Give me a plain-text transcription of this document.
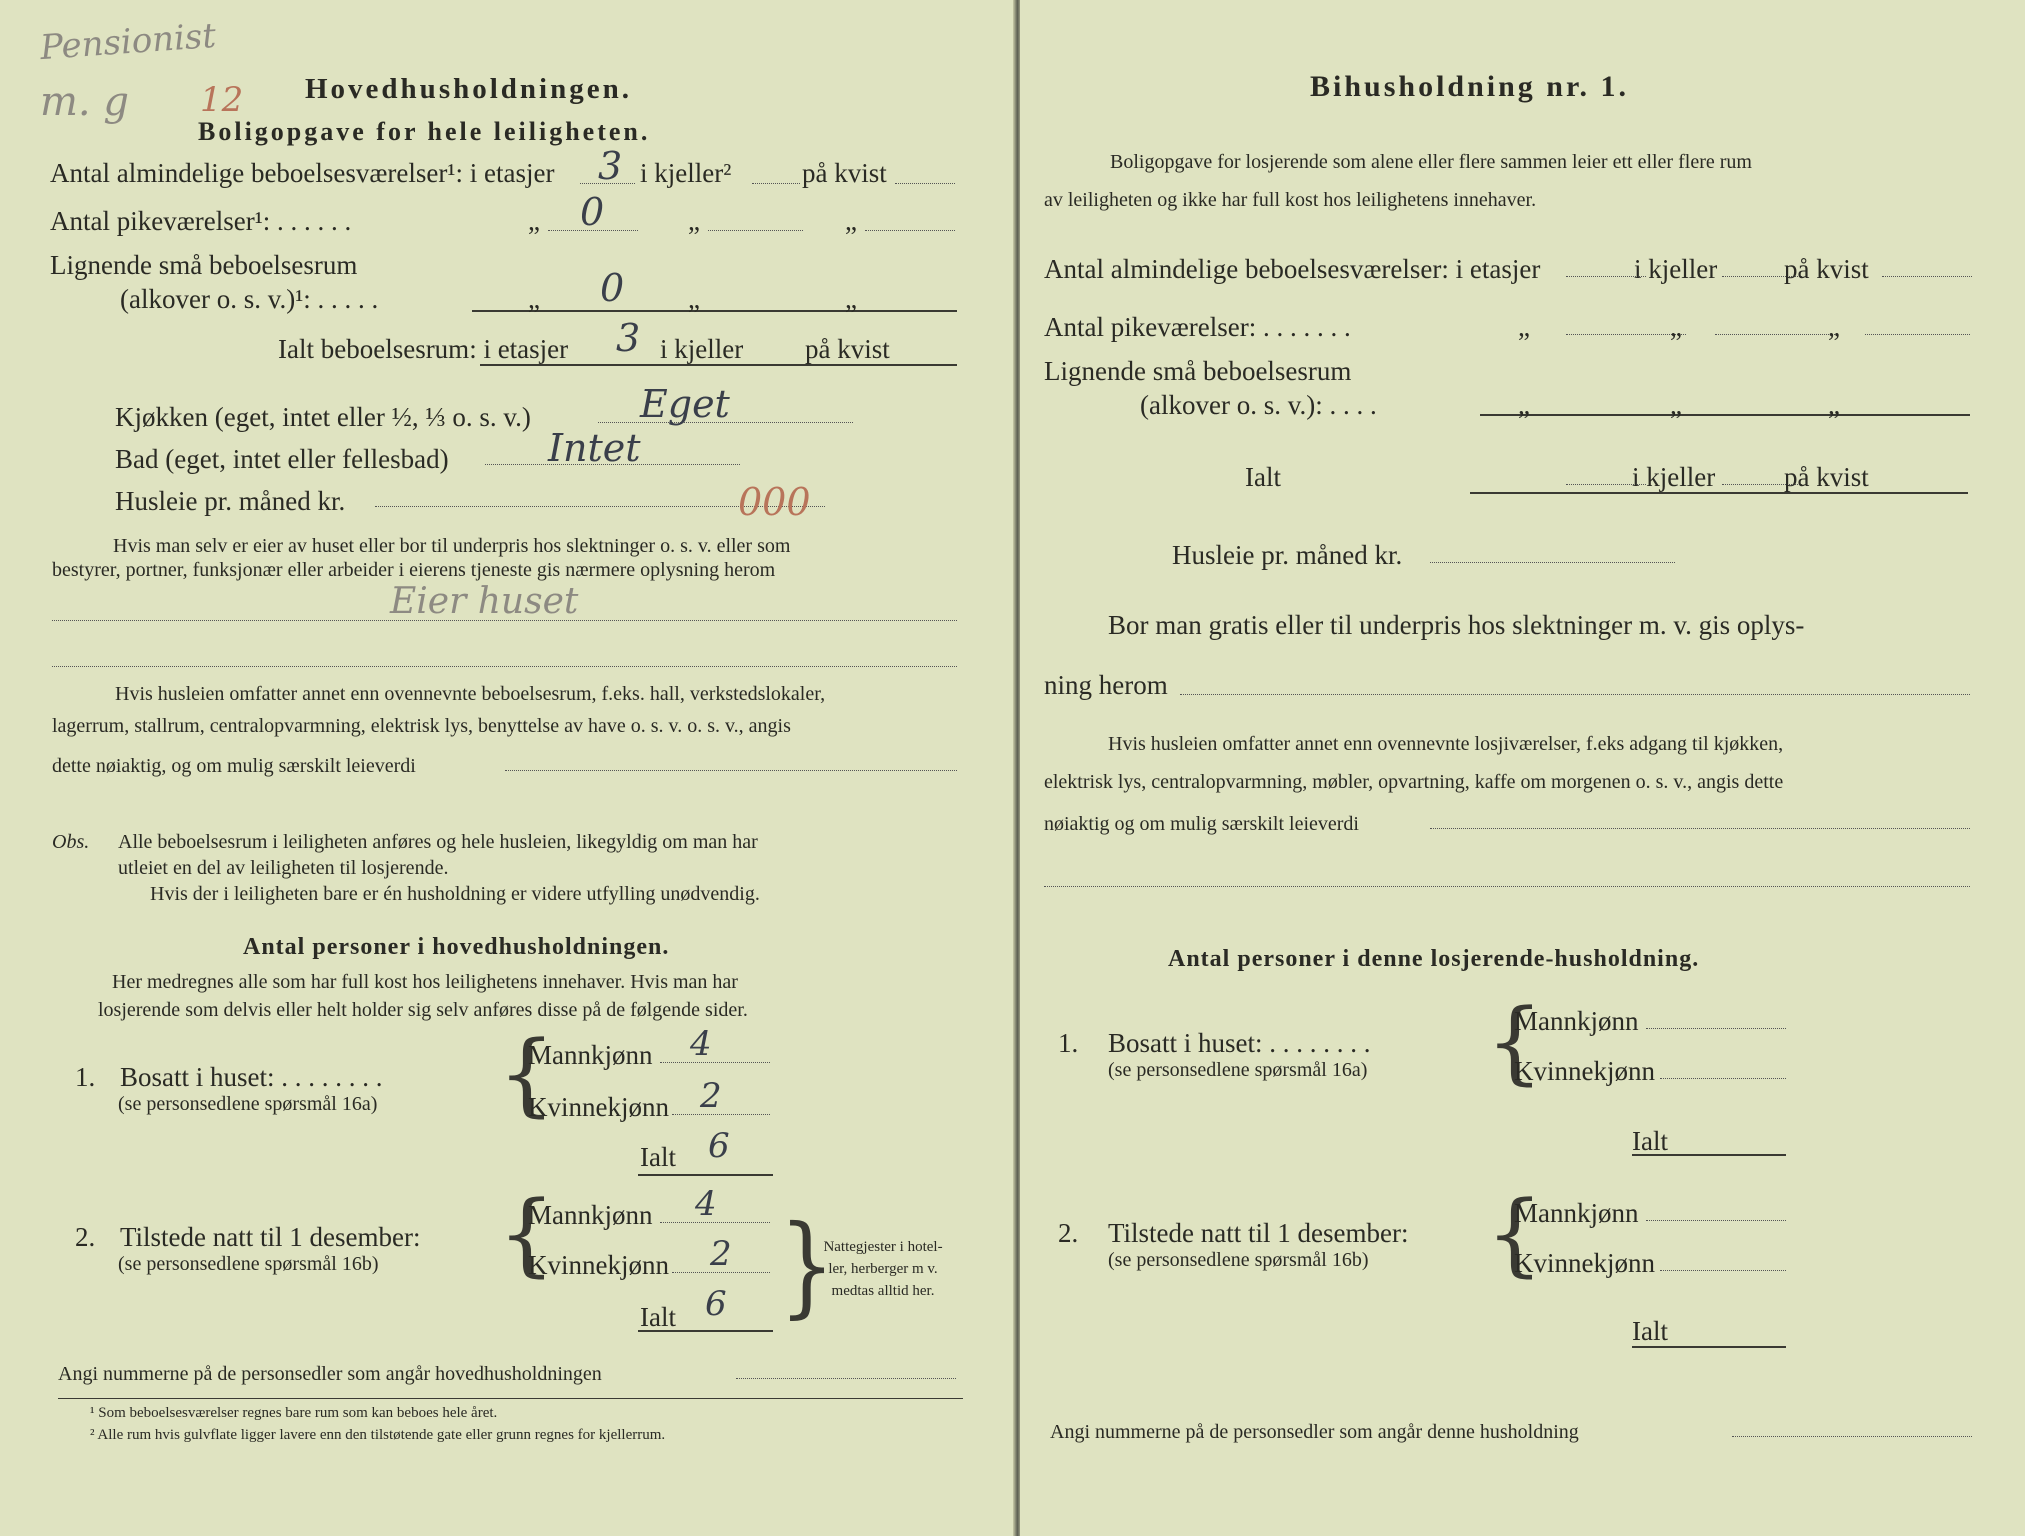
Pensionist
m. g 12 Hovedhusholdningen.
Boligopgave for hele leiligheten.
Antal almindelige beboelsesværelser¹: i etasjer 3 i kjeller²	på kvist
Antal pikeværelser¹: . . . . . .	„ 0	„	„
Lignende små beboelsesrum
(alkover o. s. v.)¹: . . . . .	„ 0 „	„
Ialt beboelsesrum: i etasjer 3 i kjeller på kvist
Kjøkken (eget, intet eller ½, ⅓ o. s. v.)	Eget
Bad (eget, intet eller fellesbad)	Intet
Husleie pr. måned kr.	000
Hvis man selv er eier av huset eller bor til underpris hos slektninger o. s. v. eller som
bestyrer, portner, funksjonær eller arbeider i eierens tjeneste gis nærmere oplysning herom
Eier huset
Hvis husleien omfatter annet enn ovennevnte beboelsesrum, f.eks. hall, verkstedslokaler,
lagerrum, stallrum, centralopvarmning, elektrisk lys, benyttelse av have o. s. v. o. s. v., angis
dette nøiaktig, og om mulig særskilt leieverdi
Obs. Alle beboelsesrum i leiligheten anføres og hele husleien, likegyldig om man har
utleiet en del av leiligheten til losjerende.
Hvis der i leiligheten bare er én husholdning er videre utfylling unødvendig.
Antal personer i hovedhusholdningen.
Her medregnes alle som har full kost hos leilighetens innehaver. Hvis man har
losjerende som delvis eller helt holder sig selv anføres disse på de følgende sider.
1. Bosatt i huset: . . . . . . . .
(se personsedlene spørsmål 16a) {
Mannkjønn 4
Kvinnekjønn 2
Ialt 6
2. Tilstede natt til 1 desember:
(se personsedlene spørsmål 16b) {
Mannkjønn 4
Kvinnekjønn 2
Ialt 6 {
Nattegjester i hotel-
ler, herberger m v.
medtas alltid her.
Angi nummerne på de personsedler som angår hovedhusholdningen
¹ Som beboelsesværelser regnes bare rum som kan beboes hele året.
² Alle rum hvis gulvflate ligger lavere enn den tilstøtende gate eller grunn regnes for kjellerrum.
Bihusholdning nr. 1.
Boligopgave for losjerende som alene eller flere sammen leier ett eller flere rum
av leiligheten og ikke har full kost hos leilighetens innehaver.
Antal almindelige beboelsesværelser: i etasjer	i kjeller på kvist
Antal pikeværelser: . . . . . . .	„	„	„
Lignende små beboelsesrum
(alkover o. s. v.): . . . .	„	„	„
Ialt	i kjeller	på kvist
Husleie pr. måned kr.
Bor man gratis eller til underpris hos slektninger m. v. gis oplys-
ning herom
Hvis husleien omfatter annet enn ovennevnte losjiværelser, f.eks adgang til kjøkken,
elektrisk lys, centralopvarmning, møbler, opvartning, kaffe om morgenen o. s. v., angis dette
nøiaktig og om mulig særskilt leieverdi
Antal personer i denne losjerende-husholdning.
1. Bosatt i huset: . . . . . . . .
(se personsedlene spørsmål 16a) {
Mannkjønn
Kvinnekjønn
Ialt
2. Tilstede natt til 1 desember:
(se personsedlene spørsmål 16b) {
Mannkjønn
Kvinnekjønn
Ialt
Angi nummerne på de personsedler som angår denne husholdning
